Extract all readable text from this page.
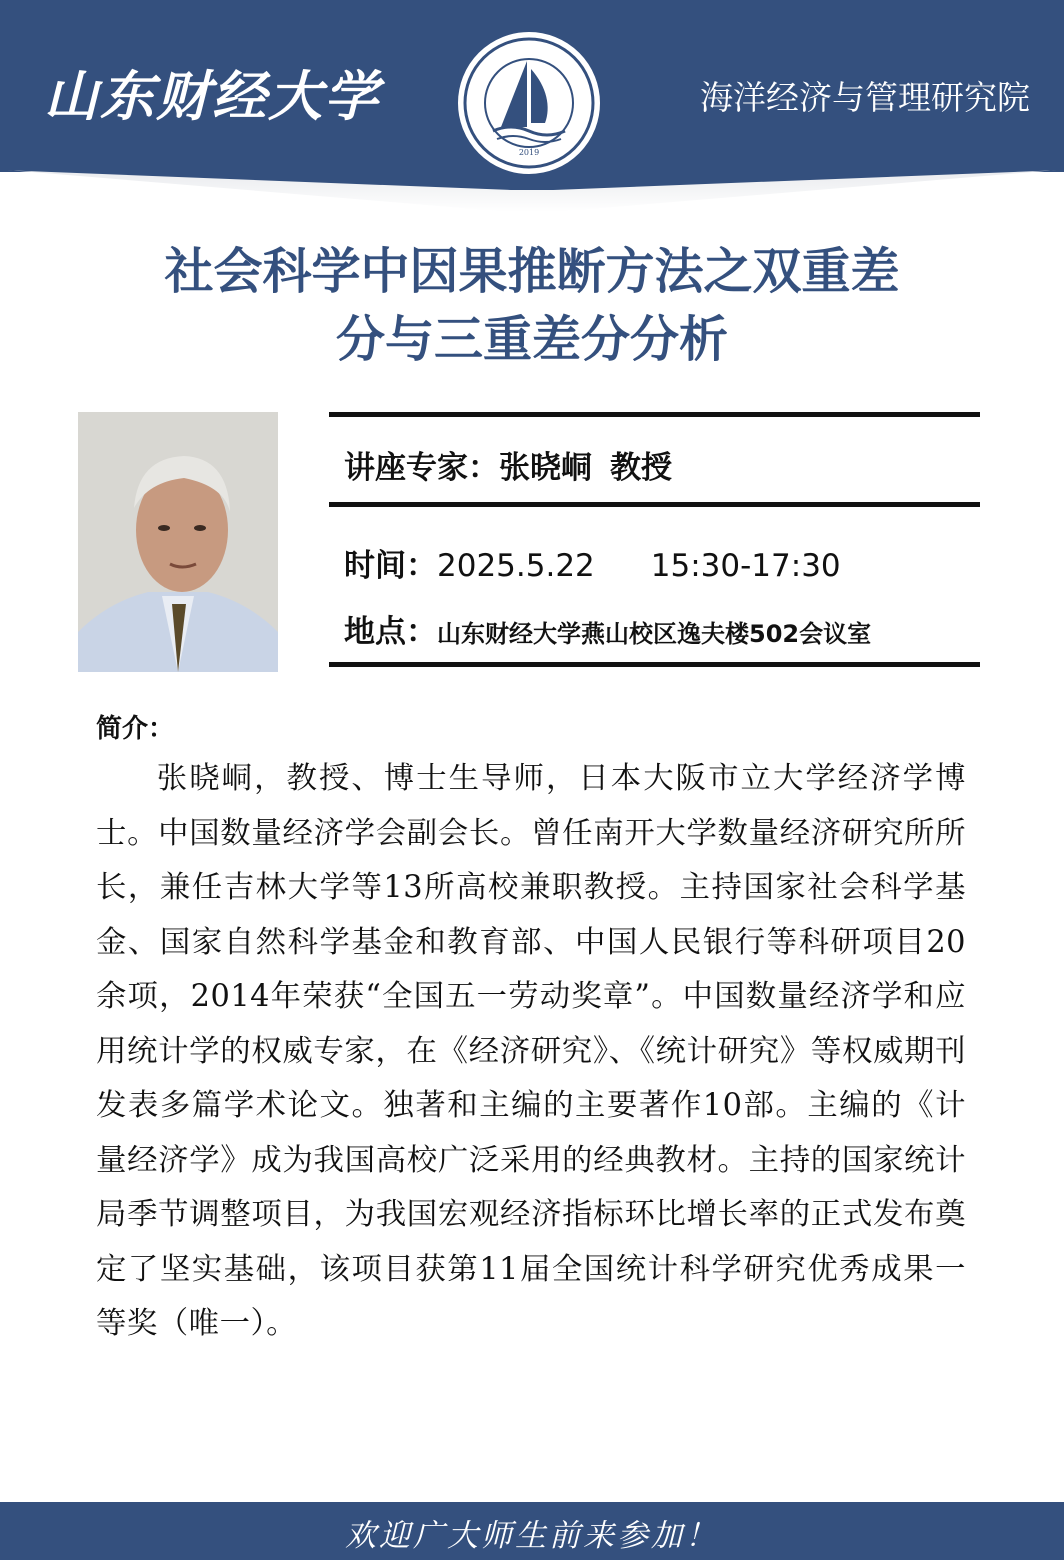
山东财经大学
2019
海洋经济与管理研究院
社会科学中因果推断方法之双重差
分与三重差分分析
讲座专家：张晓峒 教授
时间：2025.5.22 15:30-17:30
地点：山东财经大学燕山校区逸夫楼502会议室
简介：
张晓峒，教授、博士生导师，日本大阪市立大学经济学博士。中国数量经济学会副会长。曾任南开大学数量经济研究所所长，兼任吉林大学等13所高校兼职教授。主持国家社会科学基金、国家自然科学基金和教育部、中国人民银行等科研项目20余项，2014年荣获“全国五一劳动奖章”。中国数量经济学和应用统计学的权威专家，在《经济研究》、《统计研究》等权威期刊发表多篇学术论文。独著和主编的主要著作10部。主编的《计量经济学》成为我国高校广泛采用的经典教材。主持的国家统计局季节调整项目，为我国宏观经济指标环比增长率的正式发布奠定了坚实基础，该项目获第11届全国统计科学研究优秀成果一等奖（唯一）。
欢迎广大师生前来参加！
